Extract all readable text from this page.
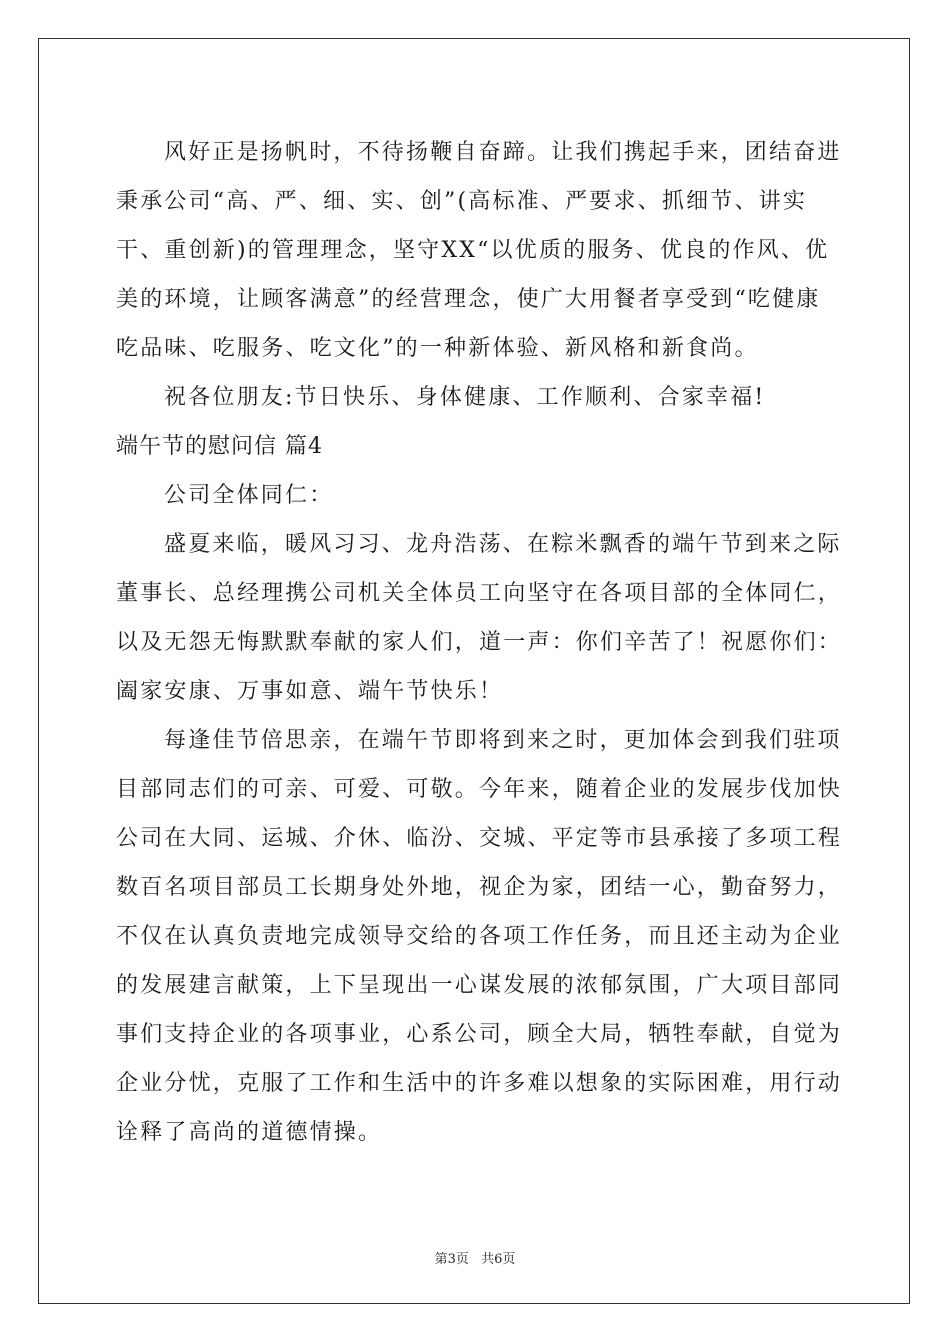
风好正是扬帆时，不待扬鞭自奋蹄。让我们携起手来，团结奋进
秉承公司“高、严、细、实、创”(高标准、严要求、抓细节、讲实
干、重创新)的管理理念，坚守XX“以优质的服务、优良的作风、优
美的环境，让顾客满意”的经营理念，使广大用餐者享受到“吃健康
吃品味、吃服务、吃文化”的一种新体验、新风格和新食尚。
祝各位朋友:节日快乐、身体健康、工作顺利、合家幸福!
端午节的慰问信 篇4
公司全体同仁：
盛夏来临，暖风习习、龙舟浩荡、在粽米飘香的端午节到来之际
董事长、总经理携公司机关全体员工向坚守在各项目部的全体同仁，
以及无怨无悔默默奉献的家人们，道一声：你们辛苦了！祝愿你们：
阖家安康、万事如意、端午节快乐！
每逢佳节倍思亲，在端午节即将到来之时，更加体会到我们驻项
目部同志们的可亲、可爱、可敬。今年来，随着企业的发展步伐加快
公司在大同、运城、介休、临汾、交城、平定等市县承接了多项工程
数百名项目部员工长期身处外地，视企为家，团结一心，勤奋努力，
不仅在认真负责地完成领导交给的各项工作任务，而且还主动为企业
的发展建言献策，上下呈现出一心谋发展的浓郁氛围，广大项目部同
事们支持企业的各项事业，心系公司，顾全大局，牺牲奉献，自觉为
企业分忧，克服了工作和生活中的许多难以想象的实际困难，用行动
诠释了高尚的道德情操。
第3页 共6页
